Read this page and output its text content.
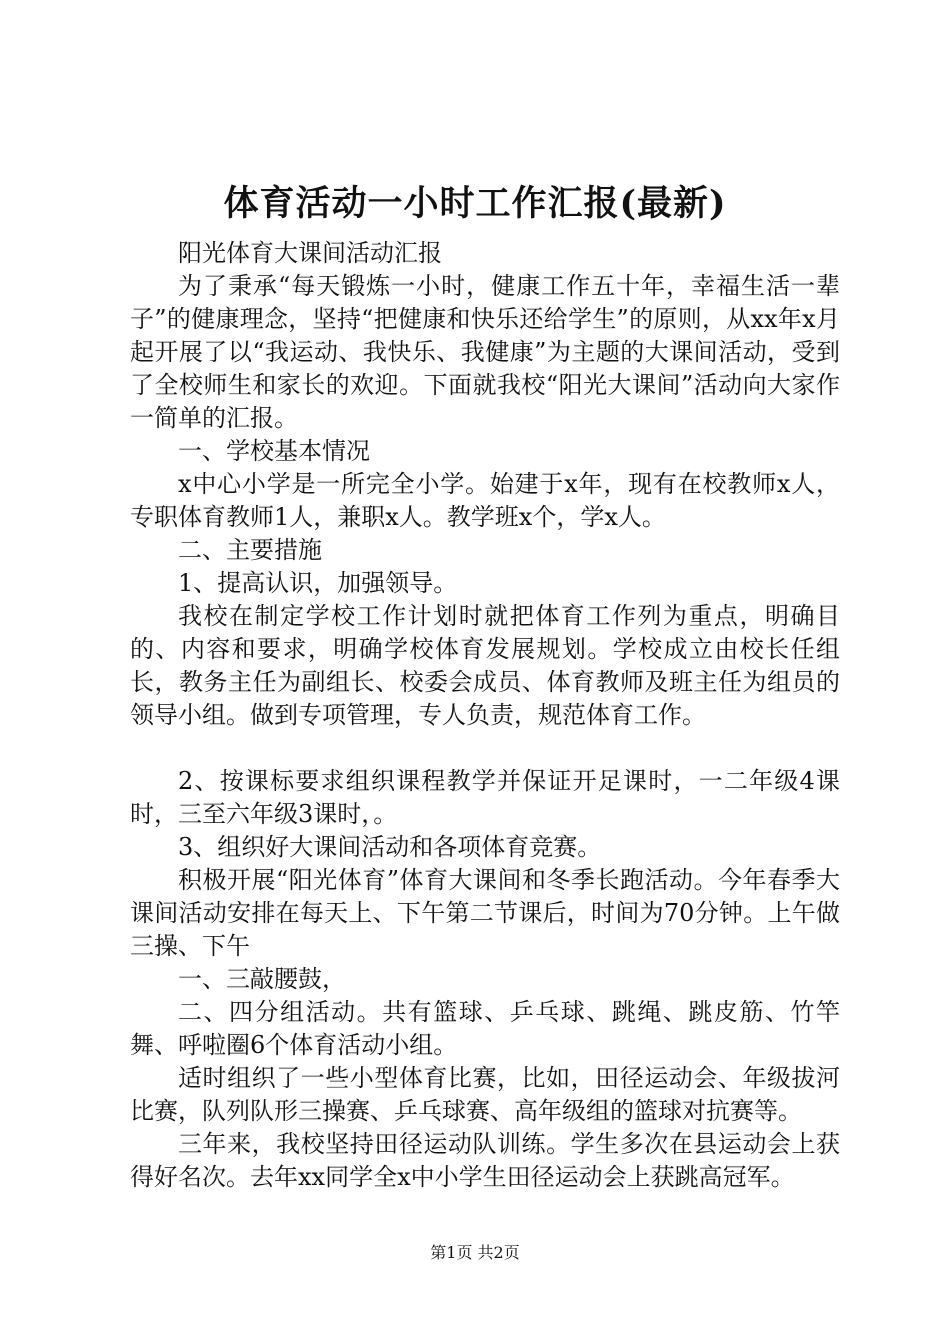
体育活动一小时工作汇报(最新)

阳光体育大课间活动汇报

为了秉承“每天锻炼一小时，健康工作五十年，幸福生活一辈子”的健康理念，坚持“把健康和快乐还给学生”的原则，从xx年x月起开展了以“我运动、我快乐、我健康”为主题的大课间活动，受到了全校师生和家长的欢迎。下面就我校“阳光大课间”活动向大家作一简单的汇报。

一、学校基本情况

x中心小学是一所完全小学。始建于x年，现有在校教师x人，专职体育教师1人，兼职x人。教学班x个，学x人。

二、主要措施

1、提高认识，加强领导。

我校在制定学校工作计划时就把体育工作列为重点，明确目的、内容和要求，明确学校体育发展规划。学校成立由校长任组长，教务主任为副组长、校委会成员、体育教师及班主任为组员的领导小组。做到专项管理，专人负责，规范体育工作。

2、按课标要求组织课程教学并保证开足课时，一二年级4课时，三至六年级3课时，。

3、组织好大课间活动和各项体育竞赛。

积极开展“阳光体育”体育大课间和冬季长跑活动。今年春季大课间活动安排在每天上、下午第二节课后，时间为70分钟。上午做三操、下午

一、三敲腰鼓，

二、四分组活动。共有篮球、乒乓球、跳绳、跳皮筋、竹竿舞、呼啦圈6个体育活动小组。

适时组织了一些小型体育比赛，比如，田径运动会、年级拔河比赛，队列队形三操赛、乒乓球赛、高年级组的篮球对抗赛等。

三年来，我校坚持田径运动队训练。学生多次在县运动会上获得好名次。去年xx同学全x中小学生田径运动会上获跳高冠军。

第1页 共2页
